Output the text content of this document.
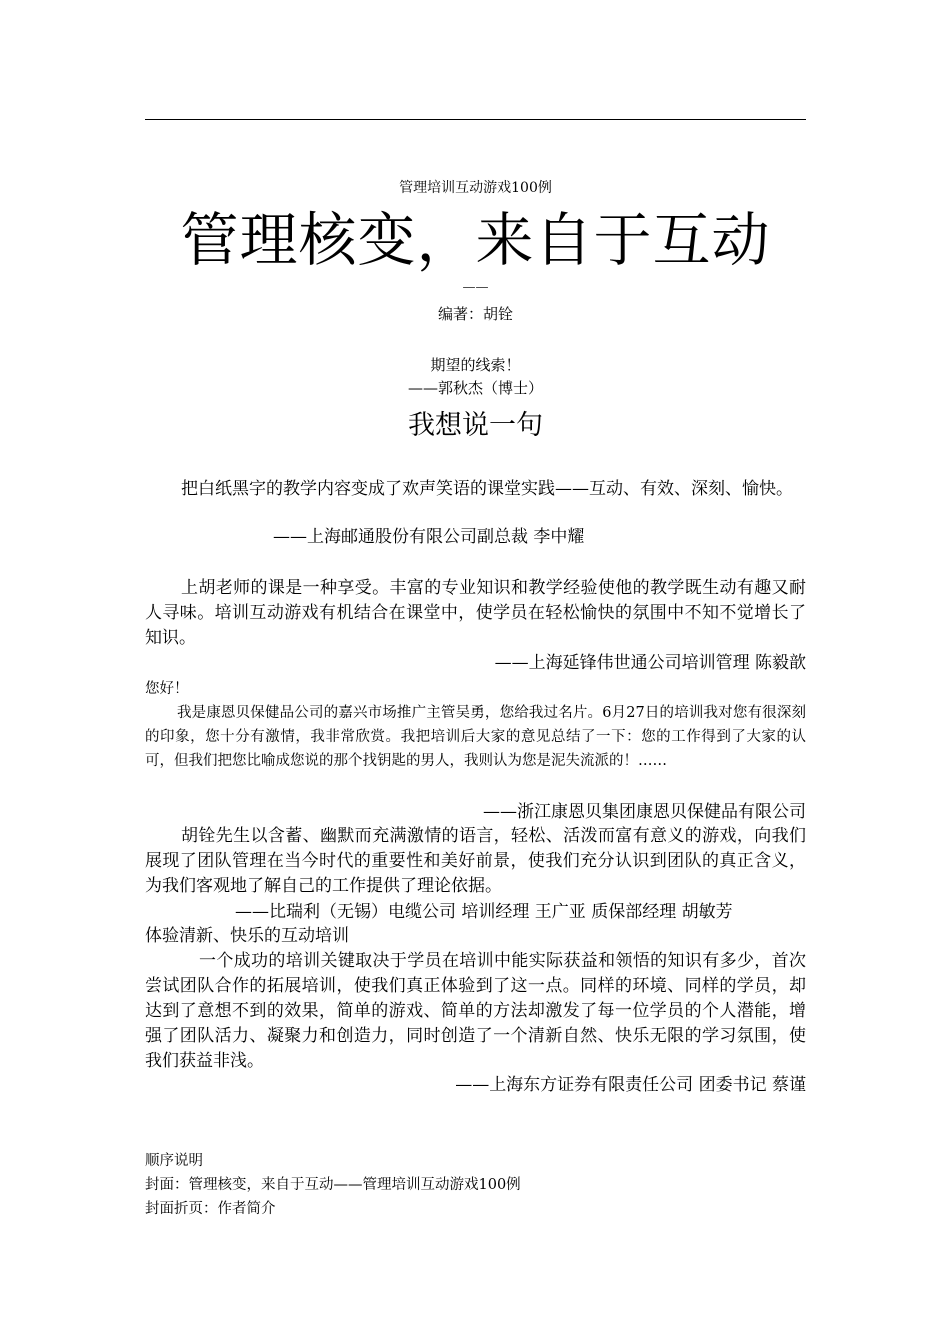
管理培训互动游戏100例
管理核变，来自于互动
——
编著：胡铨
期望的线索！
——郭秋杰（博士）
我想说一句
把白纸黑字的教学内容变成了欢声笑语的课堂实践——互动、有效、深刻、愉快。
——上海邮通股份有限公司副总裁 李中耀
上胡老师的课是一种享受。丰富的专业知识和教学经验使他的教学既生动有趣又耐人寻味。培训互动游戏有机结合在课堂中，使学员在轻松愉快的氛围中不知不觉增长了知识。
——上海延锋伟世通公司培训管理 陈毅歆
您好！
我是康恩贝保健品公司的嘉兴市场推广主管吴勇，您给我过名片。6月27日的培训我对您有很深刻的印象，您十分有激情，我非常欣赏。我把培训后大家的意见总结了一下：您的工作得到了大家的认可，但我们把您比喻成您说的那个找钥匙的男人，我则认为您是泥失流派的！……
——浙江康恩贝集团康恩贝保健品有限公司
胡铨先生以含蓄、幽默而充满激情的语言，轻松、活泼而富有意义的游戏，向我们展现了团队管理在当今时代的重要性和美好前景，使我们充分认识到团队的真正含义，为我们客观地了解自己的工作提供了理论依据。
——比瑞利（无锡）电缆公司 培训经理 王广亚 质保部经理 胡敏芳
体验清新、快乐的互动培训
一个成功的培训关键取决于学员在培训中能实际获益和领悟的知识有多少，首次尝试团队合作的拓展培训，使我们真正体验到了这一点。同样的环境、同样的学员，却达到了意想不到的效果，简单的游戏、简单的方法却激发了每一位学员的个人潜能，增强了团队活力、凝聚力和创造力，同时创造了一个清新自然、快乐无限的学习氛围，使我们获益非浅。
——上海东方证券有限责任公司 团委书记 蔡谨
顺序说明
封面：管理核变，来自于互动——管理培训互动游戏100例
封面折页：作者简介
